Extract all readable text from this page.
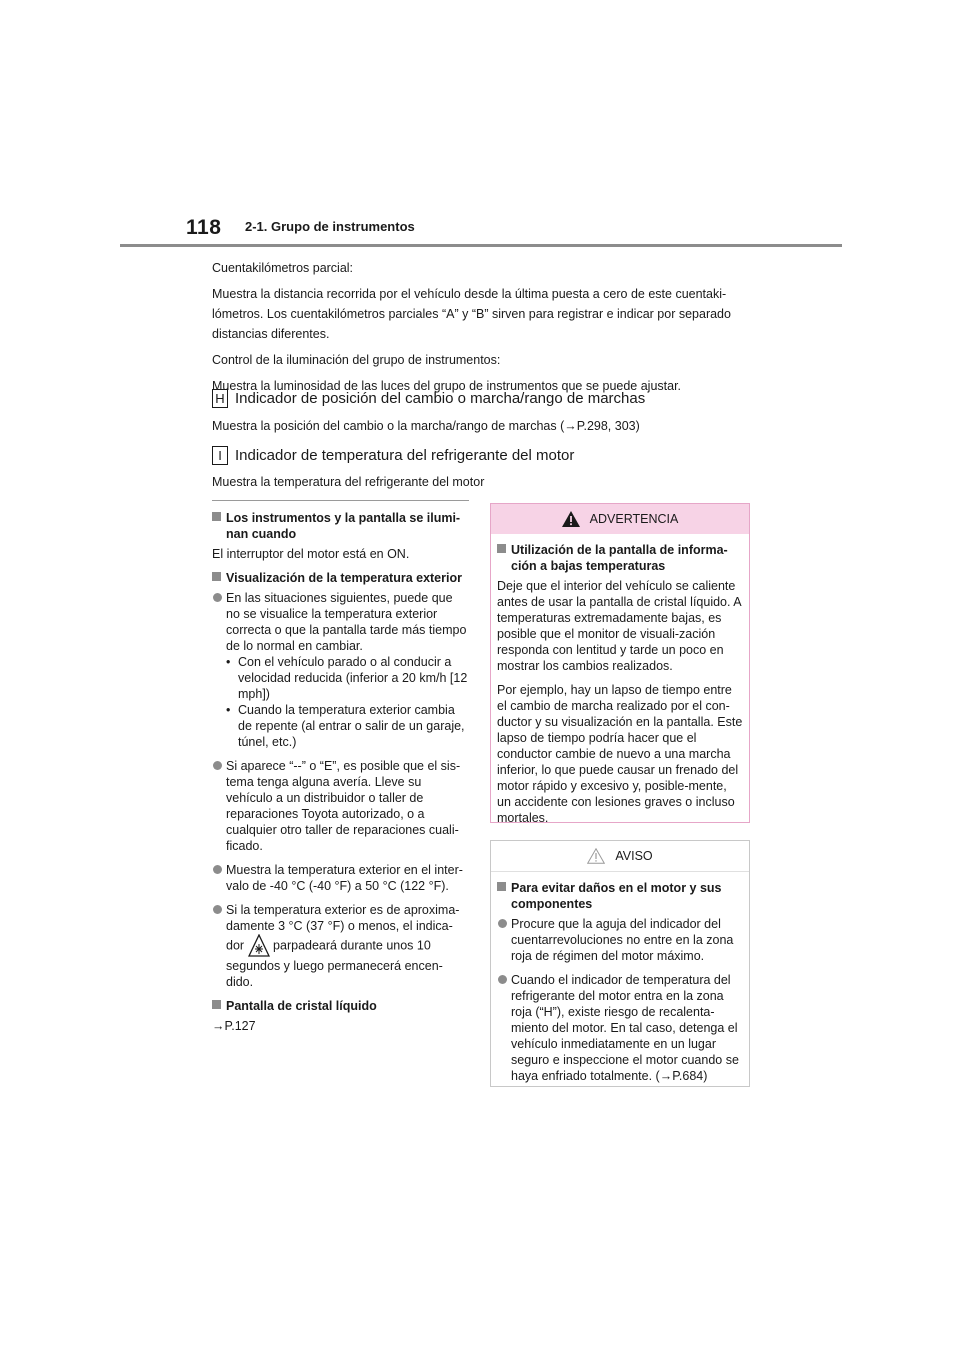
118 2-1. Grupo de instrumentos

Cuentakilómetros parcial:

Muestra la distancia recorrida por el vehículo desde la última puesta a cero de este cuentaki-lómetros. Los cuentakilómetros parciales “A” y “B” sirven para registrar e indicar por separado distancias diferentes.

Control de la iluminación del grupo de instrumentos:

Muestra la luminosidad de las luces del grupo de instrumentos que se puede ajustar.

H Indicador de posición del cambio o marcha/rango de marchas
Muestra la posición del cambio o la marcha/rango de marchas (→P.298, 303)
I Indicador de temperatura del refrigerante del motor
Muestra la temperatura del refrigerante del motor
Los instrumentos y la pantalla se ilumi-nan cuando
El interruptor del motor está en ON.
Visualización de la temperatura exterior
En las situaciones siguientes, puede que no se visualice la temperatura exterior correcta o que la pantalla tarde más tiempo de lo normal en cambiar.
• Con el vehículo parado o al conducir a velocidad reducida (inferior a 20 km/h [12 mph])
• Cuando la temperatura exterior cambia de repente (al entrar o salir de un garaje, túnel, etc.)
Si aparece “--” o “E”, es posible que el sis-tema tenga alguna avería. Lleve su vehículo a un distribuidor o taller de reparaciones Toyota autorizado, o a cualquier otro taller de reparaciones cuali-ficado.
Muestra la temperatura exterior en el inter-valo de -40 °C (-40 °F) a 50 °C (122 °F).
Si la temperatura exterior es de aproxima-damente 3 °C (37 °F) o menos, el indica-dor parpadeará durante unos 10 segundos y luego permanecerá encen-dido.
Pantalla de cristal líquido
→P.127
ADVERTENCIA
Utilización de la pantalla de informa-ción a bajas temperaturas
Deje que el interior del vehículo se caliente antes de usar la pantalla de cristal líquido. A temperaturas extremadamente bajas, es posible que el monitor de visuali-zación responda con lentitud y tarde un poco en mostrar los cambios realizados.
Por ejemplo, hay un lapso de tiempo entre el cambio de marcha realizado por el con-ductor y su visualización en la pantalla. Este lapso de tiempo podría hacer que el conductor cambie de nuevo a una marcha inferior, lo que puede causar un frenado del motor rápido y excesivo y, posible-mente, un accidente con lesiones graves o incluso mortales.
AVISO
Para evitar daños en el motor y sus componentes
Procure que la aguja del indicador del cuentarrevoluciones no entre en la zona roja de régimen del motor máximo.
Cuando el indicador de temperatura del refrigerante del motor entra en la zona roja (“H”), existe riesgo de recalenta-miento del motor. En tal caso, detenga el vehículo inmediatamente en un lugar seguro e inspeccione el motor cuando se haya enfriado totalmente. (→P.684)
